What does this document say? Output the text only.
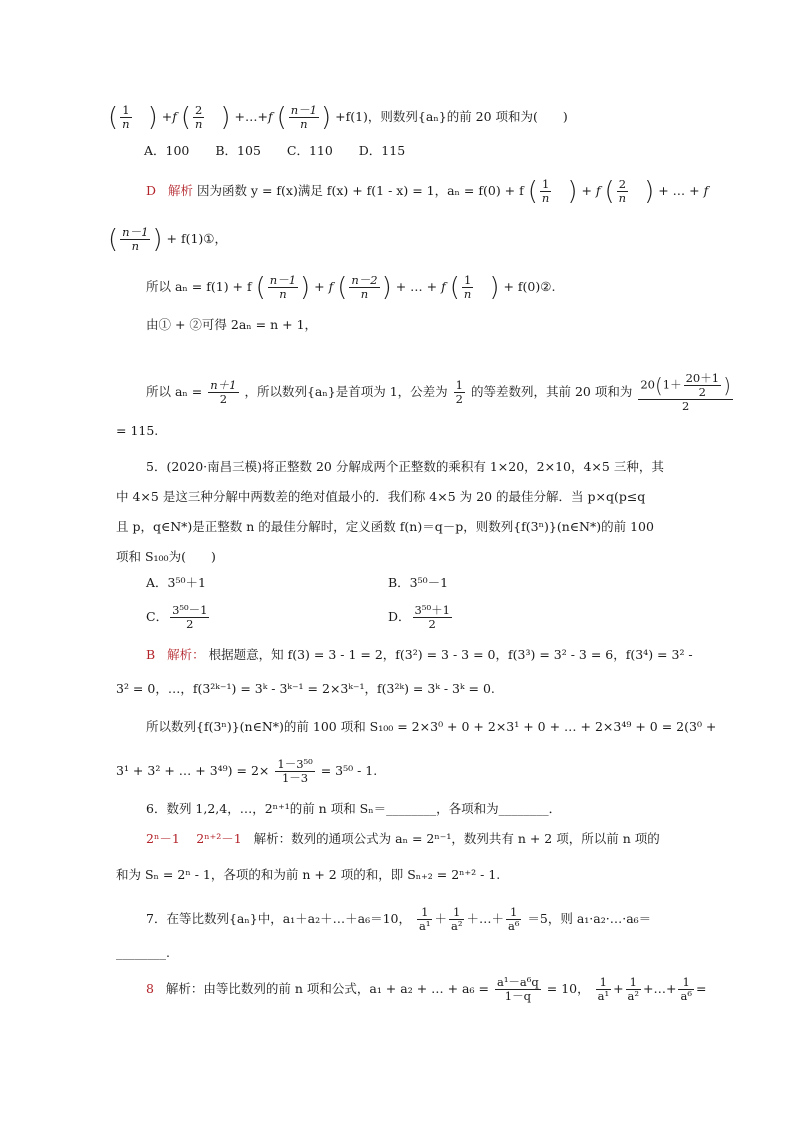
( $\frac{1}{n}$ ) +f ( $\frac{2}{n}$ ) +…+f ( $\frac{n-1}{n}$ ) +f(1)，则数列{aₙ}的前 20 项和为(　　)
A．100 B．105 C．110 D．115
D 解析 因为函数 y = f(x)满足 f(x) + f(1 - x) = 1，aₙ = f(0) + f ( $\frac{1}{n}$ ) + f ( $\frac{2}{n}$ ) + … + f
( $\frac{n-1}{n}$ ) + f(1)①，
所以 aₙ = f(1) + f ( $\frac{n-1}{n}$ ) + f ( $\frac{n-2}{n}$ ) + … + f ( $\frac{1}{n}$ ) + f(0)②.
由① + ②可得 2aₙ = n + 1，
所以 $a_n = \frac{n+1}{2}$ ，所以数列{aₙ}是首项为 1，公差为 $\frac{1}{2}$ 的等差数列，其前 20 项和为 $\frac{20(1+ \frac{20+1}{2} )}{2}$
= 115.
5．(2020·南昌三模)将正整数 20 分解成两个正整数的乘积有 1×20，2×10，4×5 三种，其
中 4×5 是这三种分解中两数差的绝对值最小的．我们称 4×5 为 20 的最佳分解．当 p×q(p≤q
且 p，q∈N*)是正整数 n 的最佳分解时，定义函数 f(n)＝q－p，则数列{f(3ⁿ)}(n∈N*)的前 100
项和 S₁₀₀为(　　)
A．3⁵⁰＋1	B．3⁵⁰－1
C． $\frac{\text{3⁵⁰－1}}{2}$	D． $\frac{\text{3⁵⁰＋1}}{2}$
B 解析： 根据题意，知 f(3) = 3 - 1 = 2，f(3²) = 3 - 3 = 0，f(3³) = 3² - 3 = 6，f(3⁴) = 3² -
3² = 0，…，f(3²ᵏ⁻¹) = 3ᵏ - 3ᵏ⁻¹ = 2×3ᵏ⁻¹，f(3²ᵏ) = 3ᵏ - 3ᵏ = 0.
所以数列{f(3ⁿ)}(n∈N*)的前 100 项和 S₁₀₀ = 2×3⁰ + 0 + 2×3¹ + 0 + … + 2×3⁴⁹ + 0 = 2(3⁰ +
3¹ + 3² + … + $3^{49}) = 2\times \frac{\text{1－3⁵⁰}}{1-3} = 3^{50} - 1$.
6．数列 1,2,4，…，2ⁿ⁺¹的前 n 项和 Sₙ＝________，各项和为________．
2ⁿ－1  2ⁿ⁺²－1 解析：数列的通项公式为 aₙ = 2ⁿ⁻¹，数列共有 n + 2 项，所以前 n 项的
和为 Sₙ = 2ⁿ - 1，各项的和为前 n + 2 项的和，即 Sₙ₊₂ = 2ⁿ⁺² - 1.
7．在等比数列{aₙ}中，a₁＋a₂＋…＋a₆＝10， $\frac{1}{\text{a¹}} + \frac{1}{\text{a²}}$ ＋…＋ $\frac{1}{\text{a⁶}} =5$，则 a₁·a₂·…·a₆＝
________.
8 解析：由等比数列的前 n 项和公式，a₁ + a₂ + … + $a_6 = \frac{\text{a¹－a⁶q}}{1-q} = 10$， $\frac{1}{\text{a¹}} + \frac{1}{\text{a²}}$ +…+ $\frac{1}{\text{a⁶}}$ =
